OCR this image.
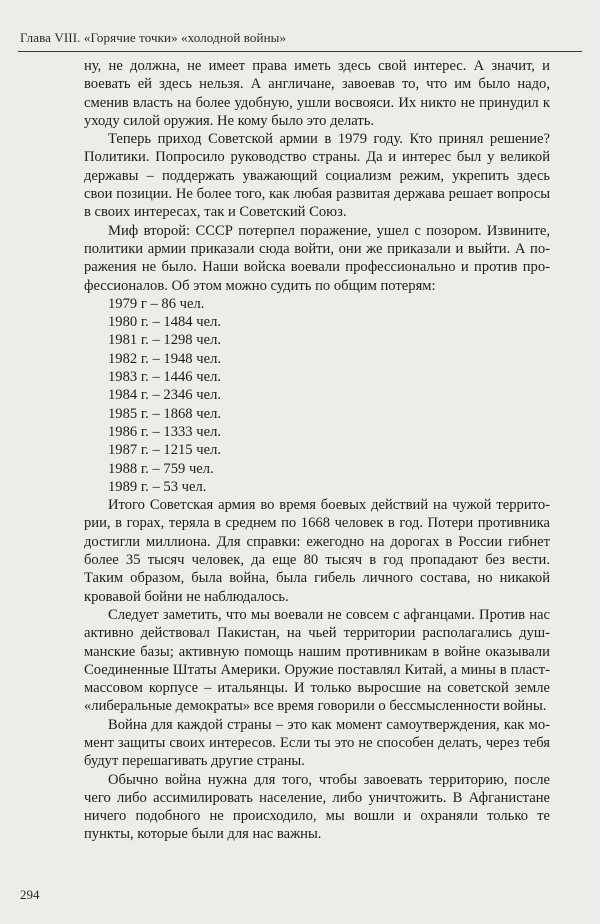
Глава VIII. «Горячие точки» «холодной войны»

ну, не должна, не имеет права иметь здесь свой интерес. А значит, и воевать ей здесь нельзя. А англичане, завоевав то, что им было надо, сменив власть на более удобную, ушли восвояси. Их никто не принудил к уходу силой оружия. Не кому было это делать.

Теперь приход Советской армии в 1979 году. Кто принял решение? Политики. Попросило руководство страны. Да и интерес был у великой державы – поддержать уважающий социализм режим, укрепить здесь свои позиции. Не более того, как любая развитая держава решает вопросы в своих интересах, так и Советский Союз.

Миф второй: СССР потерпел поражение, ушел с позором. Извините, политики армии приказали сюда войти, они же приказали и выйти. А поражения не было. Наши войска воевали профессионально и против профессионалов. Об этом можно судить по общим потерям:

1979 г – 86 чел.
1980 г. – 1484 чел.
1981 г. – 1298 чел.
1982 г. – 1948 чел.
1983 г. – 1446 чел.
1984 г. – 2346 чел.
1985 г. – 1868 чел.
1986 г. – 1333 чел.
1987 г. – 1215 чел.
1988 г. – 759 чел.
1989 г. – 53 чел.

Итого Советская армия во время боевых действий на чужой территории, в горах, теряла в среднем по 1668 человек в год. Потери противника достигли миллиона. Для справки: ежегодно на дорогах в России гибнет более 35 тысяч человек, да еще 80 тысяч в год пропадают без вести. Таким образом, была война, была гибель личного состава, но никакой кровавой бойни не наблюдалось.

Следует заметить, что мы воевали не совсем с афганцами. Против нас активно действовал Пакистан, на чьей территории располагались душманские базы; активную помощь нашим противникам в войне оказывали Соединенные Штаты Америки. Оружие поставлял Китай, а мины в пластмассовом корпусе – итальянцы. И только выросшие на советской земле «либеральные демократы» все время говорили о бессмысленности войны.

Война для каждой страны – это как момент самоутверждения, как момент защиты своих интересов. Если ты это не способен делать, через тебя будут перешагивать другие страны.

Обычно война нужна для того, чтобы завоевать территорию, после чего либо ассимилировать население, либо уничтожить. В Афганистане ничего подобного не происходило, мы вошли и охраняли только те пункты, которые были для нас важны.

294
